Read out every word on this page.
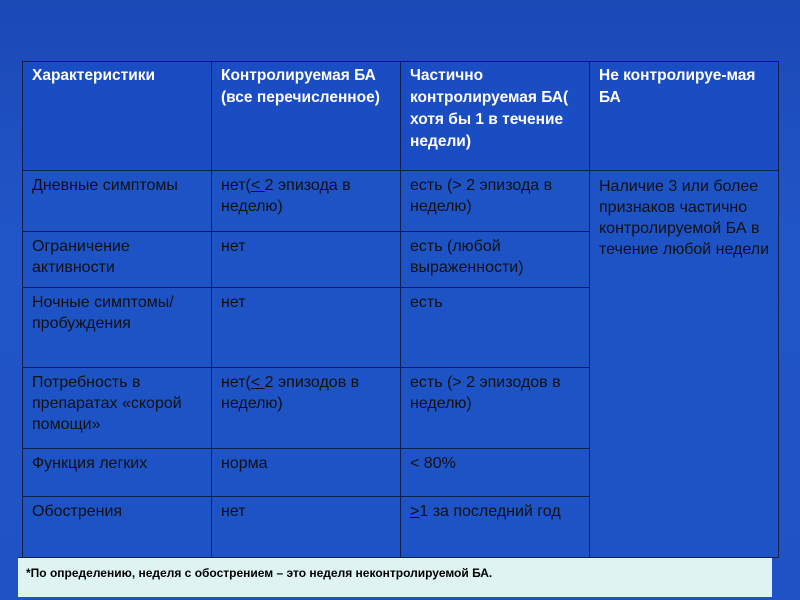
Характеристики	Контролируемая БА (все перечисленное)	Частично контролируемая БА( хотя бы 1 в течение недели)	Не контролируе-мая БА
Дневные симптомы	нет(< 2 эпизода в неделю)	есть (> 2 эпизода в неделю)	Наличие 3 или более признаков частично контролируемой БА в течение любой недели
Ограничение активности	нет	есть (любой выраженности)	
Ночные симптомы/ пробуждения	нет	есть	
Потребность в препаратах «скорой помощи»	нет(< 2 эпизодов в неделю)	есть (> 2 эпизодов в неделю)	
Функция легких	норма	< 80%	
Обострения	нет	>1 за последний год	
*По определению, неделя с обострением – это неделя неконтролируемой БА.
